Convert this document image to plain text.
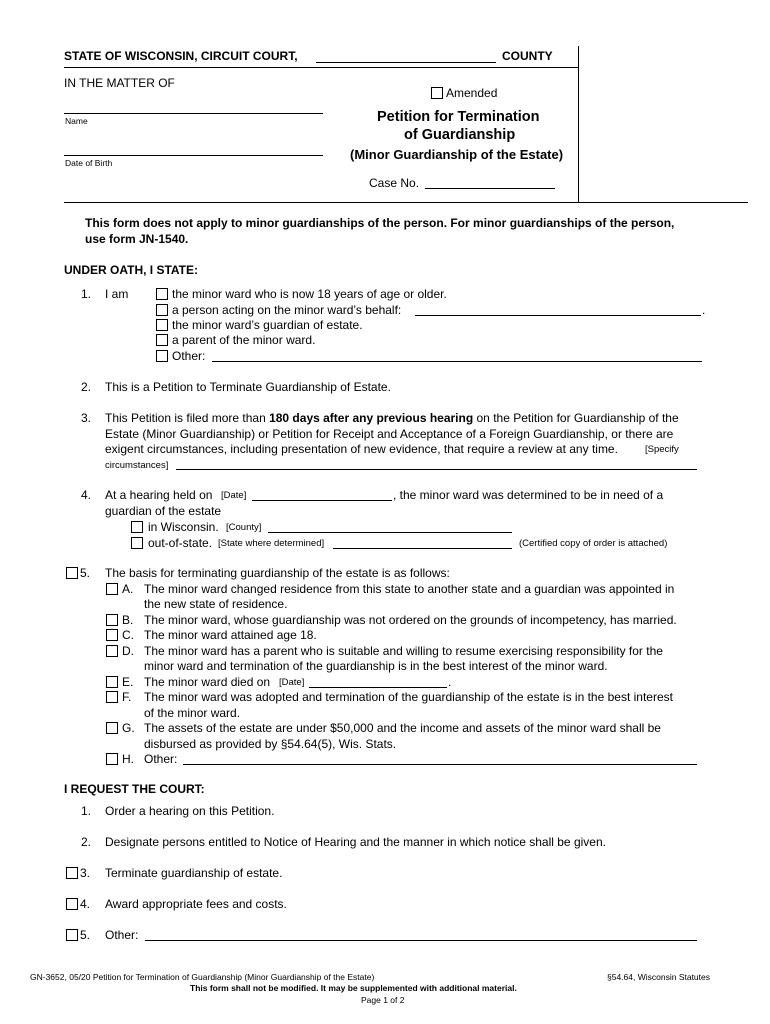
STATE OF WISCONSIN, CIRCUIT COURT,	COUNTY
IN THE MATTER OF
Name
Date of Birth
Amended
Petition for Termination
of Guardianship
(Minor Guardianship of the Estate)
Case No.
This form does not apply to minor guardianships of the person. For minor guardianships of the person,
use form JN-1540.
UNDER OATH, I STATE:
1. I am	the minor ward who is now 18 years of age or older.
a person acting on the minor ward’s behalf:	.
the minor ward’s guardian of estate.
a parent of the minor ward.
Other:
2. This is a Petition to Terminate Guardianship of Estate.
3. This Petition is filed more than 180 days after any previous hearing on the Petition for Guardianship of the
Estate (Minor Guardianship) or Petition for Receipt and Acceptance of a Foreign Guardianship, or there are
exigent circumstances, including presentation of new evidence, that require a review at any time.	[Specify
circumstances]
4. At a hearing held on [Date]	, the minor ward was determined to be in need of a
guardian of the estate
in Wisconsin. [County]
out-of-state. [State where determined]	(Certified copy of order is attached)
5. The basis for terminating guardianship of the estate is as follows:
A. The minor ward changed residence from this state to another state and a guardian was appointed in
the new state of residence.
B. The minor ward, whose guardianship was not ordered on the grounds of incompetency, has married.
C. The minor ward attained age 18.
D. The minor ward has a parent who is suitable and willing to resume exercising responsibility for the
minor ward and termination of the guardianship is in the best interest of the minor ward.
E. The minor ward died on [Date]	.
F. The minor ward was adopted and termination of the guardianship of the estate is in the best interest
of the minor ward.
G. The assets of the estate are under $50,000 and the income and assets of the minor ward shall be
disbursed as provided by §54.64(5), Wis. Stats.
H. Other:
I REQUEST THE COURT:
1. Order a hearing on this Petition.
2. Designate persons entitled to Notice of Hearing and the manner in which notice shall be given.
3. Terminate guardianship of estate.
4. Award appropriate fees and costs.
5. Other:
GN-3652, 05/20 Petition for Termination of Guardianship (Minor Guardianship of the Estate)	§54.64, Wisconsin Statutes
This form shall not be modified. It may be supplemented with additional material.
Page 1 of 2
